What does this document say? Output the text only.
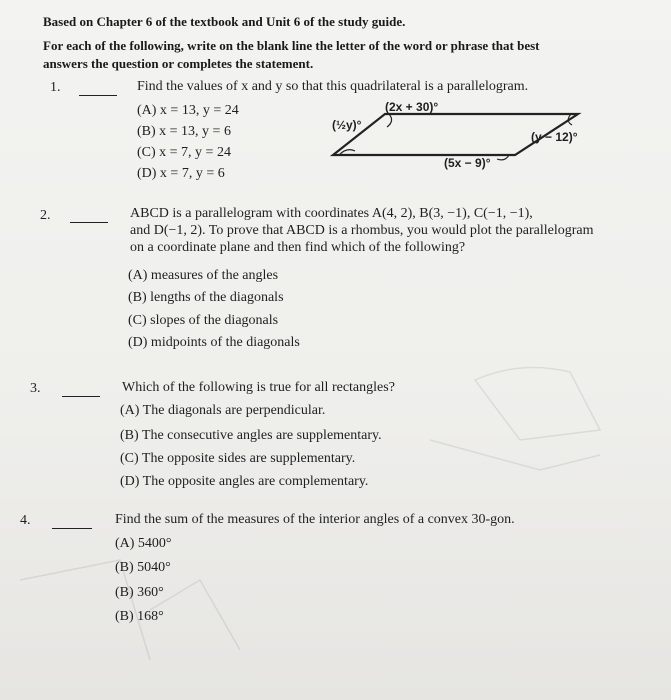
Based on Chapter 6 of the textbook and Unit 6 of the study guide.
For each of the following, write on the blank line the letter of the word or phrase that best
answers the question or completes the statement.
1.	Find the values of x and y so that this quadrilateral is a parallelogram.
(A) x = 13, y = 24
(B) x = 13, y = 6
(C) x = 7, y = 24
(D) x = 7, y = 6
(2x + 30)°
(½y)°
(y − 12)°
(5x − 9)°
2.	ABCD is a parallelogram with coordinates A(4, 2), B(3, −1), C(−1, −1),
and D(−1, 2). To prove that ABCD is a rhombus, you would plot the parallelogram
on a coordinate plane and then find which of the following?
(A) measures of the angles
(B) lengths of the diagonals
(C) slopes of the diagonals
(D) midpoints of the diagonals
3.	Which of the following is true for all rectangles?
(A) The diagonals are perpendicular.
(B) The consecutive angles are supplementary.
(C) The opposite sides are supplementary.
(D) The opposite angles are complementary.
4.	Find the sum of the measures of the interior angles of a convex 30-gon.
(A) 5400°
(B) 5040°
(B) 360°
(B) 168°
